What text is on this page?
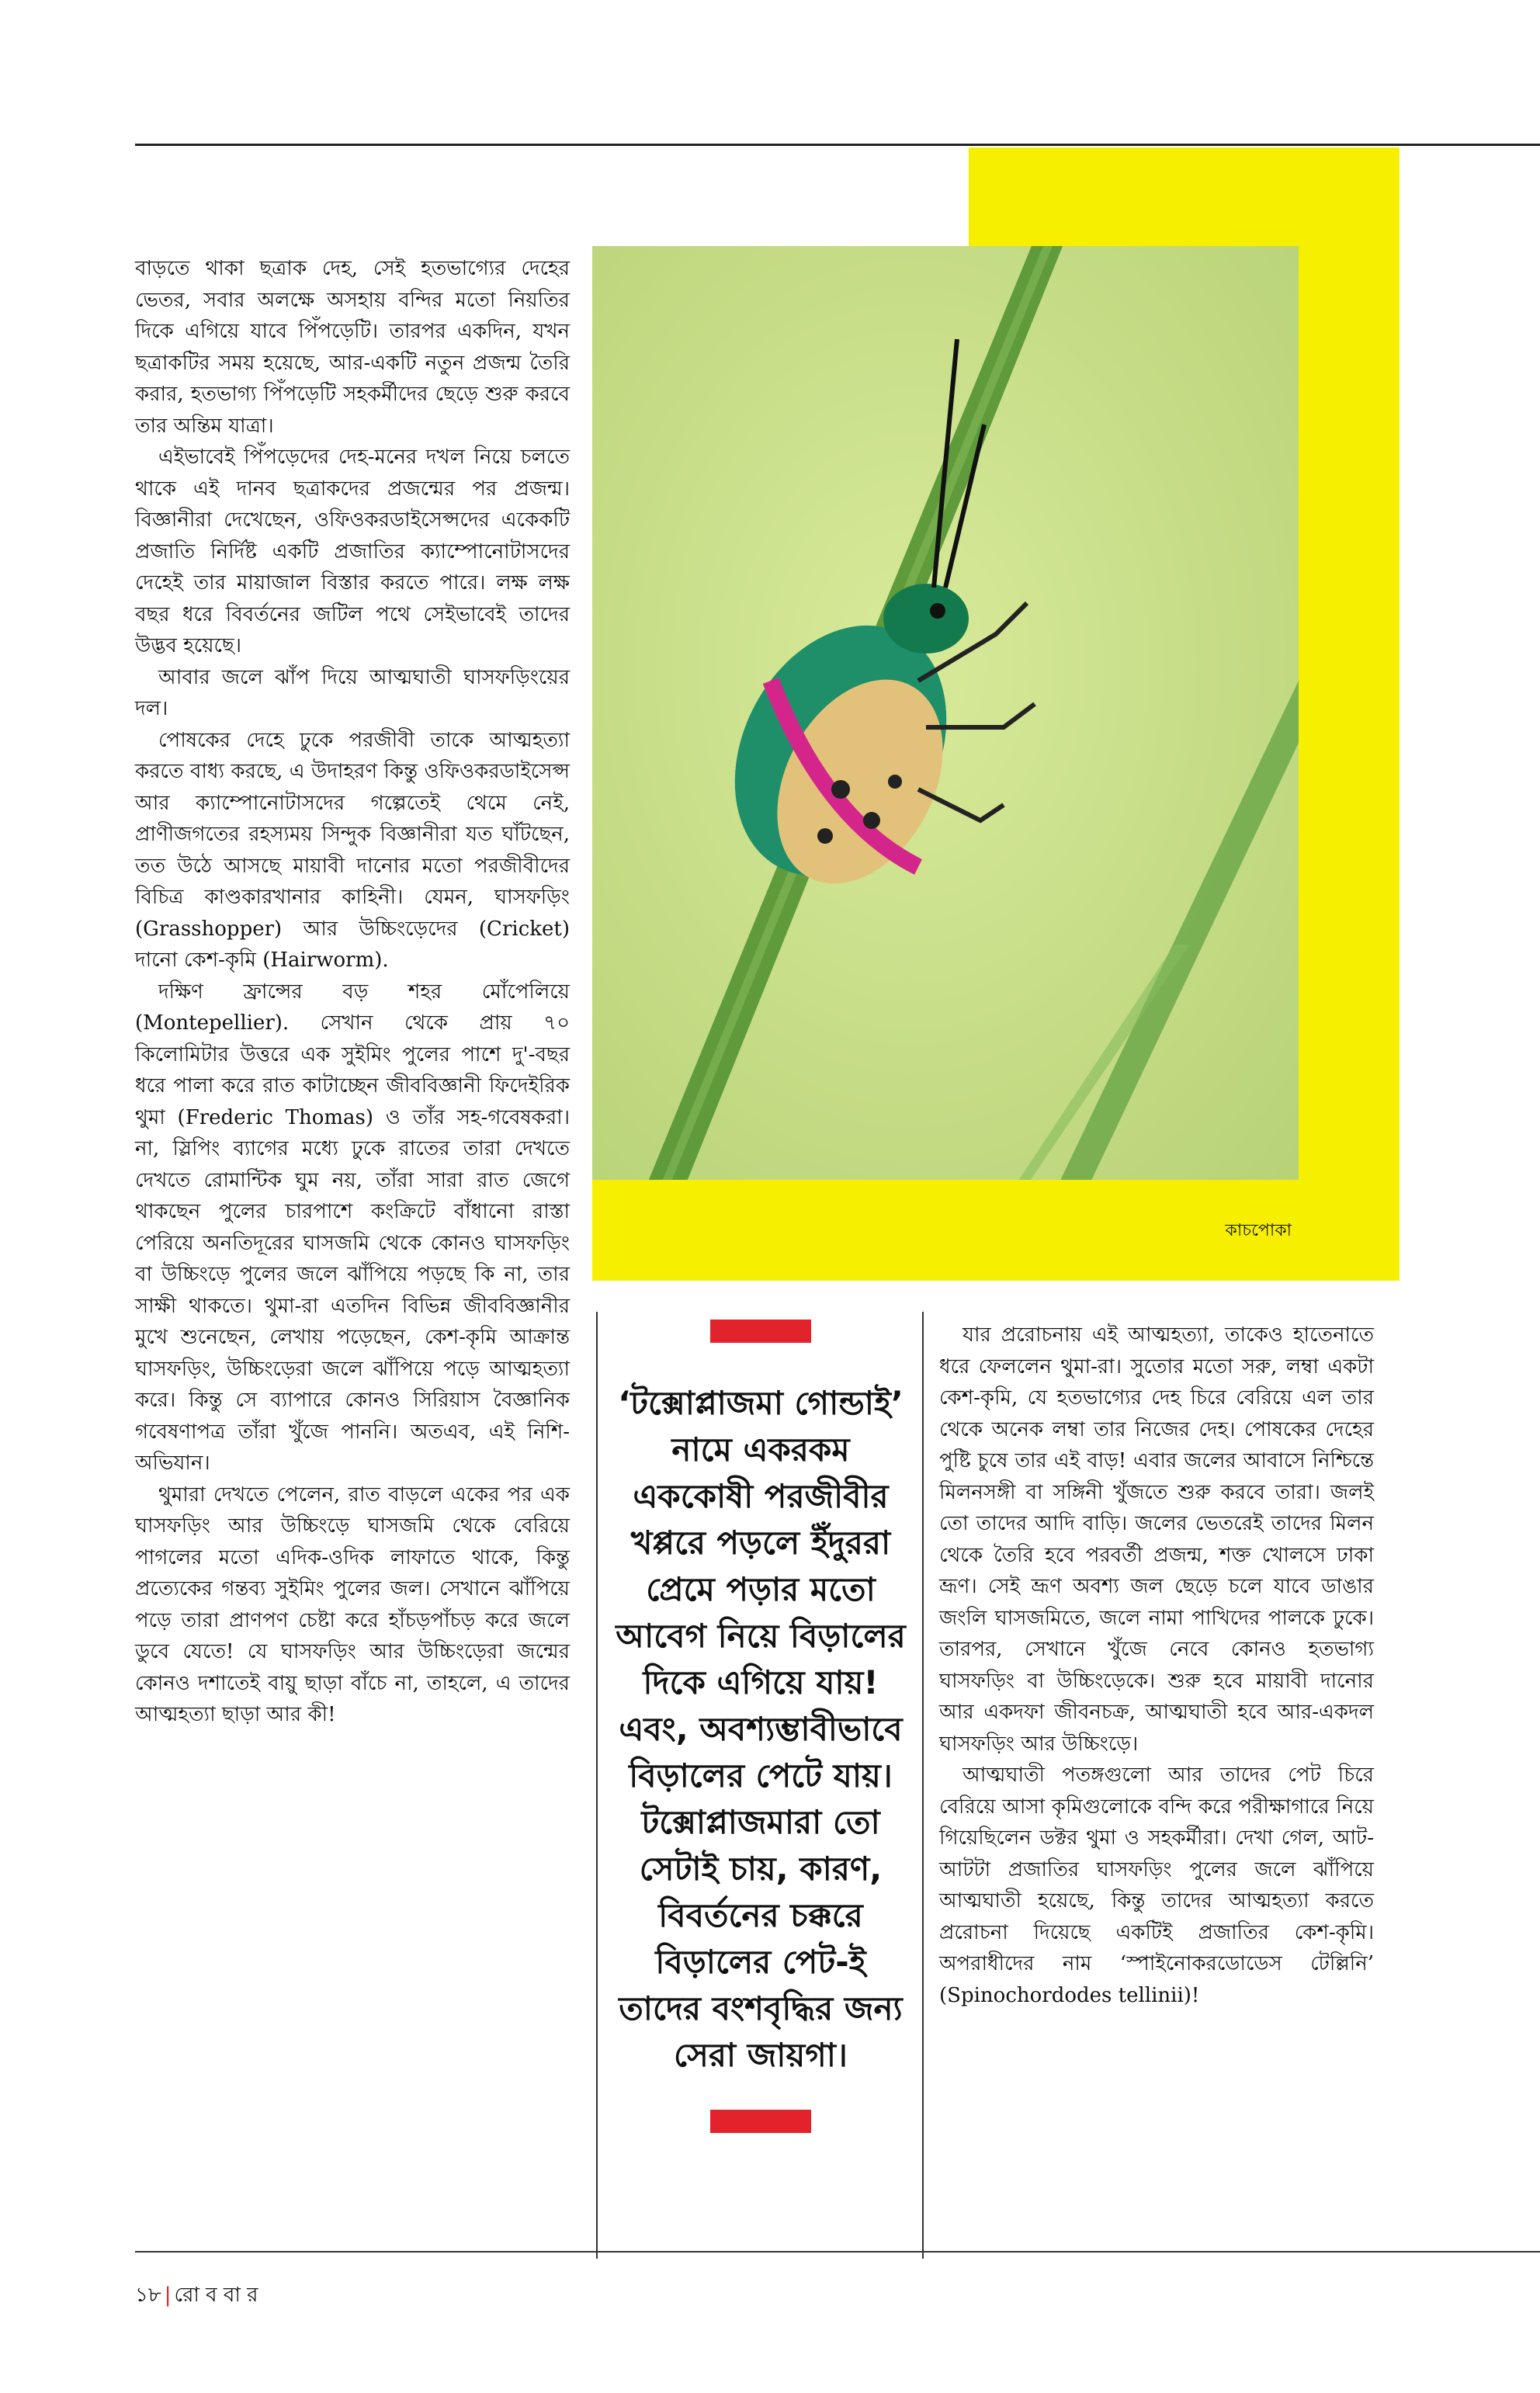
কাচপোকা

বাড়তে থাকা ছত্রাক দেহ, সেই হতভাগ্যের দেহের ভেতর, সবার অলক্ষে অসহায় বন্দির মতো নিয়তির দিকে এগিয়ে যাবে পিঁপড়েটি। তারপর একদিন, যখন ছত্রাকটির সময় হয়েছে, আর-একটি নতুন প্রজন্ম তৈরি করার, হতভাগ্য পিঁপড়েটি সহকর্মীদের ছেড়ে শুরু করবে তার অন্তিম যাত্রা।

এইভাবেই পিঁপড়েদের দেহ-মনের দখল নিয়ে চলতে থাকে এই দানব ছত্রাকদের প্রজন্মের পর প্রজন্ম। বিজ্ঞানীরা দেখেছেন, ওফিওকরডাইসেপ্সদের একেকটি প্রজাতি নির্দিষ্ট একটি প্রজাতির ক্যাম্পোনোটাসদের দেহেই তার মায়াজাল বিস্তার করতে পারে। লক্ষ লক্ষ বছর ধরে বিবর্তনের জটিল পথে সেইভাবেই তাদের উদ্ভব হয়েছে।

আবার জলে ঝাঁপ দিয়ে আত্মঘাতী ঘাসফড়িংয়ের দল।

পোষকের দেহে ঢুকে পরজীবী তাকে আত্মহত্যা করতে বাধ্য করছে, এ উদাহরণ কিন্তু ওফিওকরডাইসেপ্স আর ক্যাম্পোনোটাসদের গল্পেতেই থেমে নেই, প্রাণীজগতের রহস্যময় সিন্দুক বিজ্ঞানীরা যত ঘাঁটছেন, তত উঠে আসছে মায়াবী দানোর মতো পরজীবীদের বিচিত্র কাণ্ডকারখানার কাহিনী। যেমন, ঘাসফড়িং (Grasshopper) আর উচ্চিংড়েদের (Cricket) দানো কেশ-কৃমি (Hairworm).

দক্ষিণ ফ্রান্সের বড় শহর মোঁপেলিয়ে (Montepellier). সেখান থেকে প্রায় ৭০ কিলোমিটার উত্তরে এক সুইমিং পুলের পাশে দু'-বছর ধরে পালা করে রাত কাটাচ্ছেন জীববিজ্ঞানী ফিদেইরিক থুমা (Frederic Thomas) ও তাঁর সহ-গবেষকরা। না, স্লিপিং ব্যাগের মধ্যে ঢুকে রাতের তারা দেখতে দেখতে রোমান্টিক ঘুম নয়, তাঁরা সারা রাত জেগে থাকছেন পুলের চারপাশে কংক্রিটে বাঁধানো রাস্তা পেরিয়ে অনতিদূরের ঘাসজমি থেকে কোনও ঘাসফড়িং বা উচ্চিংড়ে পুলের জলে ঝাঁপিয়ে পড়ছে কি না, তার সাক্ষী থাকতে। থুমা-রা এতদিন বিভিন্ন জীববিজ্ঞানীর মুখে শুনেছেন, লেখায় পড়েছেন, কেশ-কৃমি আক্রান্ত ঘাসফড়িং, উচ্চিংড়েরা জলে ঝাঁপিয়ে পড়ে আত্মহত্যা করে। কিন্তু সে ব্যাপারে কোনও সিরিয়াস বৈজ্ঞানিক গবেষণাপত্র তাঁরা খুঁজে পাননি। অতএব, এই নিশি-অভিযান।

থুমারা দেখতে পেলেন, রাত বাড়লে একের পর এক ঘাসফড়িং আর উচ্চিংড়ে ঘাসজমি থেকে বেরিয়ে পাগলের মতো এদিক-ওদিক লাফাতে থাকে, কিন্তু প্রত্যেকের গন্তব্য সুইমিং পুলের জল। সেখানে ঝাঁপিয়ে পড়ে তারা প্রাণপণ চেষ্টা করে হাঁচড়পাঁচড় করে জলে ডুবে যেতে! যে ঘাসফড়িং আর উচ্চিংড়েরা জন্মের কোনও দশাতেই বায়ু ছাড়া বাঁচে না, তাহলে, এ তাদের আত্মহত্যা ছাড়া আর কী!

‘টক্সোপ্লাজমা গোন্ডাই’ নামে একরকম এককোষী পরজীবীর খপ্পরে পড়লে ইঁদুররা প্রেমে পড়ার মতো আবেগ নিয়ে বিড়ালের দিকে এগিয়ে যায়! এবং, অবশ্যম্ভাবীভাবে বিড়ালের পেটে যায়। টক্সোপ্লাজমারা তো সেটাই চায়, কারণ, বিবর্তনের চক্করে বিড়ালের পেট-ই তাদের বংশবৃদ্ধির জন্য সেরা জায়গা।

যার প্ররোচনায় এই আত্মহত্যা, তাকেও হাতেনাতে ধরে ফেললেন থুমা-রা। সুতোর মতো সরু, লম্বা একটা কেশ-কৃমি, যে হতভাগ্যের দেহ চিরে বেরিয়ে এল তার থেকে অনেক লম্বা তার নিজের দেহ। পোষকের দেহের পুষ্টি চুষে তার এই বাড়! এবার জলের আবাসে নিশ্চিন্তে মিলনসঙ্গী বা সঙ্গিনী খুঁজতে শুরু করবে তারা। জলই তো তাদের আদি বাড়ি। জলের ভেতরেই তাদের মিলন থেকে তৈরি হবে পরবর্তী প্রজন্ম, শক্ত খোলসে ঢাকা ভ্রূণ। সেই ভ্রূণ অবশ্য জল ছেড়ে চলে যাবে ডাঙার জংলি ঘাসজমিতে, জলে নামা পাখিদের পালকে ঢুকে। তারপর, সেখানে খুঁজে নেবে কোনও হতভাগ্য ঘাসফড়িং বা উচ্চিংড়েকে। শুরু হবে মায়াবী দানোর আর একদফা জীবনচক্র, আত্মঘাতী হবে আর-একদল ঘাসফড়িং আর উচ্চিংড়ে।

আত্মঘাতী পতঙ্গগুলো আর তাদের পেট চিরে বেরিয়ে আসা কৃমিগুলোকে বন্দি করে পরীক্ষাগারে নিয়ে গিয়েছিলেন ডক্টর থুমা ও সহকর্মীরা। দেখা গেল, আট-আটটা প্রজাতির ঘাসফড়িং পুলের জলে ঝাঁপিয়ে আত্মঘাতী হয়েছে, কিন্তু তাদের আত্মহত্যা করতে প্ররোচনা দিয়েছে একটিই প্রজাতির কেশ-কৃমি। অপরাধীদের নাম ‘স্পাইনোকরডোডেস টেল্লিনি’ (Spinochordodes tellinii)!

১৮ | রো ব বা র
